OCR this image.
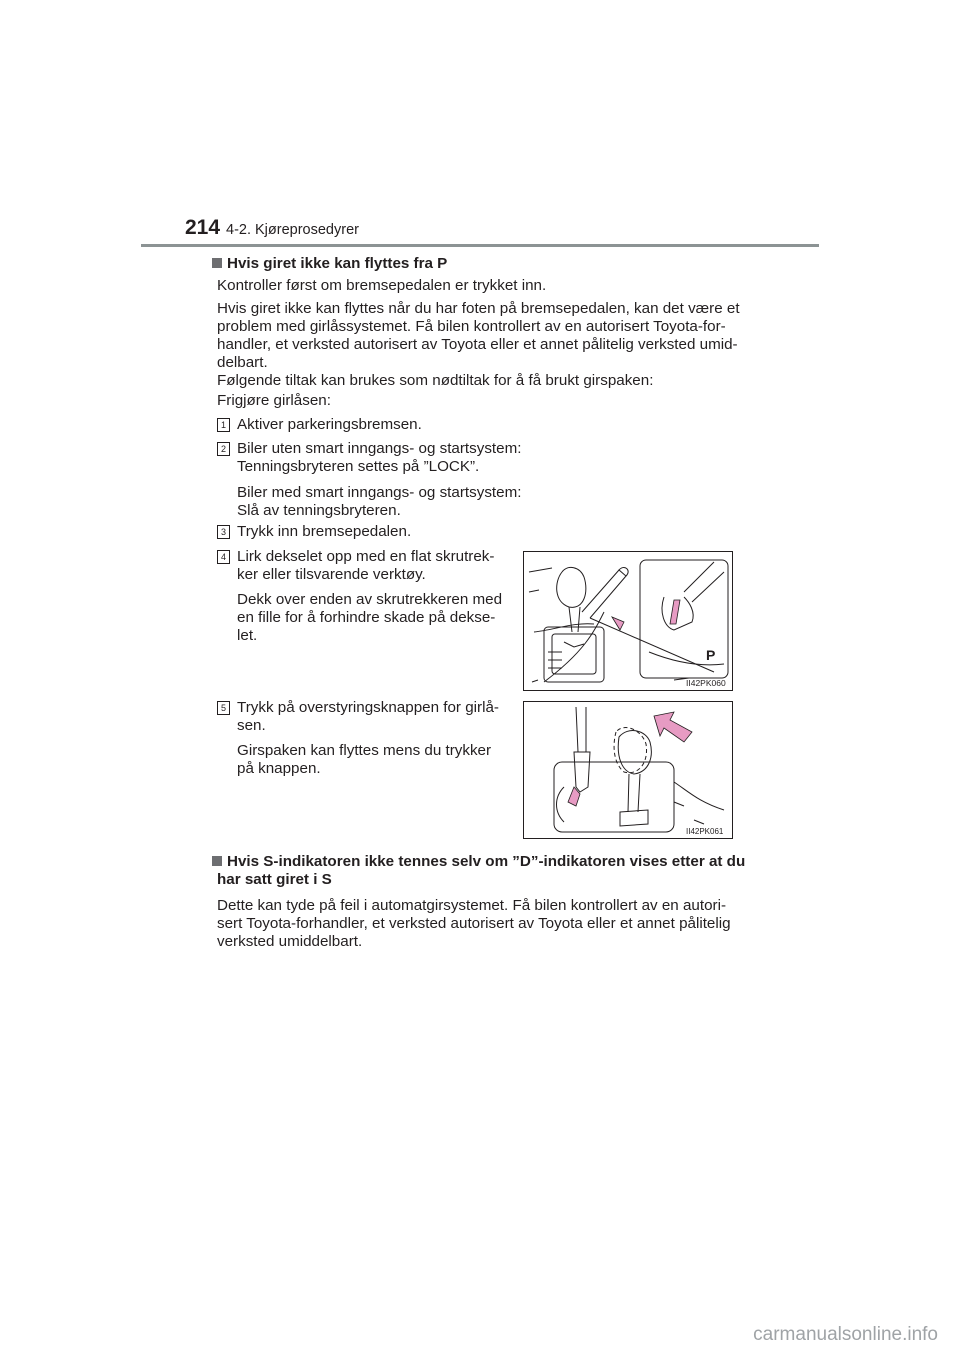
214 4-2. Kjøreprosedyrer
Hvis giret ikke kan flyttes fra P

Kontroller først om bremsepedalen er trykket inn.

Hvis giret ikke kan flyttes når du har foten på bremsepedalen, kan det være et

problem med girlåssystemet. Få bilen kontrollert av en autorisert Toyota-for-

handler, et verksted autorisert av Toyota eller et annet pålitelig verksted umid-

delbart.

Følgende tiltak kan brukes som nødtiltak for å få brukt girspaken:

Frigjøre girlåsen:

1 Aktiver parkeringsbremsen.

2 Biler uten smart inngangs- og startsystem:

Tenningsbryteren settes på ”LOCK”.

Biler med smart inngangs- og startsystem:

Slå av tenningsbryteren.

3 Trykk inn bremsepedalen.

4 Lirk dekselet opp med en flat skrutrek-

ker eller tilsvarende verktøy.

Dekk over enden av skrutrekkeren med

en fille for å forhindre skade på dekse-

let.

P
II42PK060
5 Trykk på overstyringsknappen for girlå-

sen.

Girspaken kan flyttes mens du trykker

på knappen.

II42PK061

Hvis S-indikatoren ikke tennes selv om ”D”-indikatoren vises etter at du

har satt giret i S

Dette kan tyde på feil i automatgirsystemet. Få bilen kontrollert av en autori-

sert Toyota-forhandler, et verksted autorisert av Toyota eller et annet pålitelig

verksted umiddelbart.

carmanualsonline.info
